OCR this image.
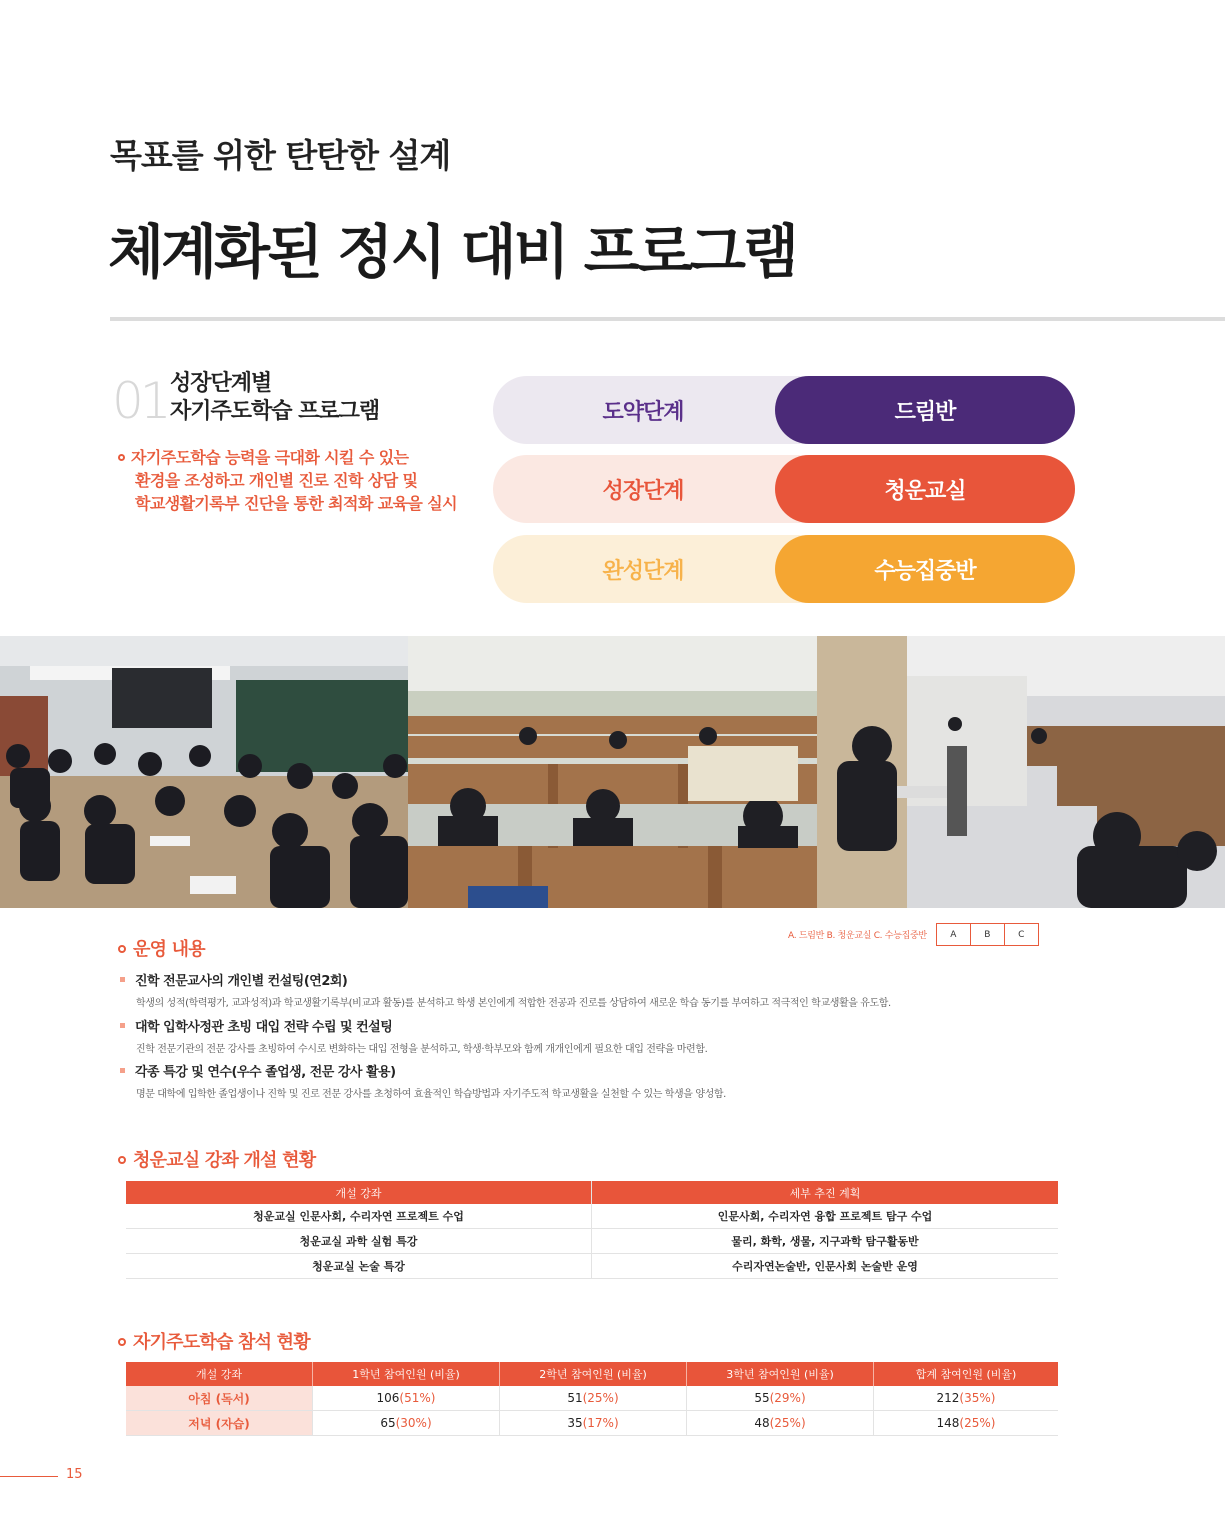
목표를 위한 탄탄한 설계
체계화된 정시 대비 프로그램
01 성장단계별
자기주도학습 프로그램
자기주도학습 능력을 극대화 시킬 수 있는
환경을 조성하고 개인별 진로 진학 상담 및
학교생활기록부 진단을 통한 최적화 교육을 실시
도약단계	드림반
성장단계	청운교실
완성단계	수능집중반
운영 내용
A. 드림반 B. 청운교실 C. 수능집중반	A	B	C
진학 전문교사의 개인별 컨설팅(연2회)
학생의 성적(학력평가, 교과성적)과 학교생활기록부(비교과 활동)를 분석하고 학생 본인에게 적합한 전공과 진로를 상담하여 새로운 학습 동기를 부여하고 적극적인 학교생활을 유도함.
대학 입학사정관 초빙 대입 전략 수립 및 컨설팅
진학 전문기관의 전문 강사를 초빙하여 수시로 변화하는 대입 전형을 분석하고, 학생·학부모와 함께 개개인에게 필요한 대입 전략을 마련함.
각종 특강 및 연수(우수 졸업생, 전문 강사 활용)
명문 대학에 입학한 졸업생이나 진학 및 진로 전문 강사를 초청하여 효율적인 학습방법과 자기주도적 학교생활을 실천할 수 있는 학생을 양성함.
청운교실 강좌 개설 현황
개설 강좌	세부 추진 계획
청운교실 인문사회, 수리자연 프로젝트 수업	인문사회, 수리자연 융합 프로젝트 탐구 수업
청운교실 과학 실험 특강	물리, 화학, 생물, 지구과학 탐구활동반
청운교실 논술 특강	수리자연논술반, 인문사회 논술반 운영
자기주도학습 참석 현황
개설 강좌	1학년 참여인원 (비율)	2학년 참여인원 (비율)	3학년 참여인원 (비율)	합계 참여인원 (비율)
아침 (독서)	106(51%)	51(25%)	55(29%)	212(35%)
저녁 (자습)	65(30%)	35(17%)	48(25%)	148(25%)
15
